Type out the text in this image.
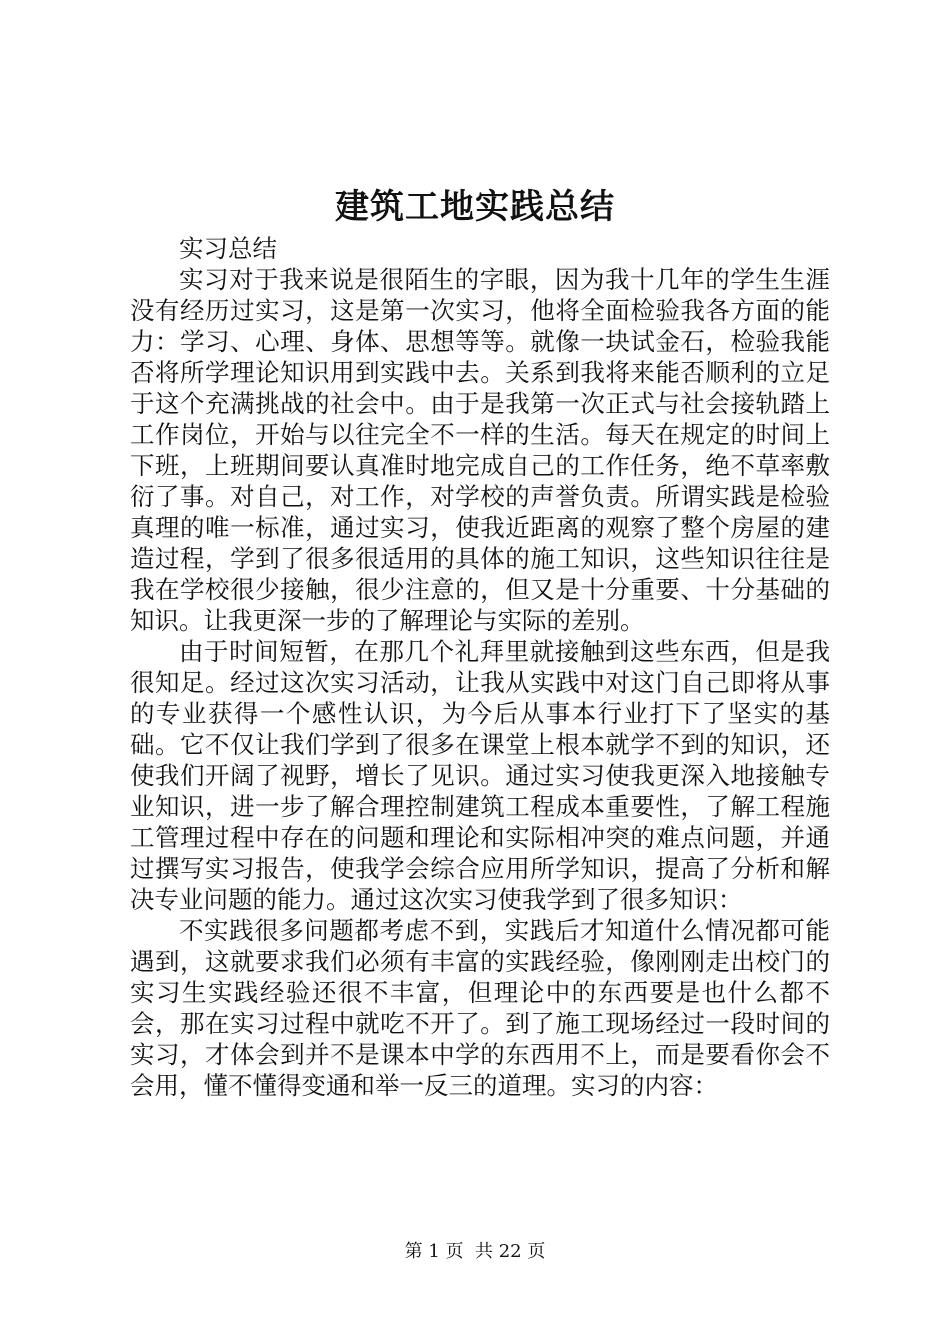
建筑工地实践总结

实习总结

实习对于我来说是很陌生的字眼，因为我十几年的学生生涯没有经历过实习，这是第一次实习，他将全面检验我各方面的能力：学习、心理、身体、思想等等。就像一块试金石，检验我能否将所学理论知识用到实践中去。关系到我将来能否顺利的立足于这个充满挑战的社会中。由于是我第一次正式与社会接轨踏上工作岗位，开始与以往完全不一样的生活。每天在规定的时间上下班，上班期间要认真准时地完成自己的工作任务，绝不草率敷衍了事。对自己，对工作，对学校的声誉负责。所谓实践是检验真理的唯一标准，通过实习，使我近距离的观察了整个房屋的建造过程，学到了很多很适用的具体的施工知识，这些知识往往是我在学校很少接触，很少注意的，但又是十分重要、十分基础的知识。让我更深一步的了解理论与实际的差别。

由于时间短暂，在那几个礼拜里就接触到这些东西，但是我很知足。经过这次实习活动，让我从实践中对这门自己即将从事的专业获得一个感性认识，为今后从事本行业打下了坚实的基础。它不仅让我们学到了很多在课堂上根本就学不到的知识，还使我们开阔了视野，增长了见识。通过实习使我更深入地接触专业知识，进一步了解合理控制建筑工程成本重要性，了解工程施工管理过程中存在的问题和理论和实际相冲突的难点问题，并通过撰写实习报告，使我学会综合应用所学知识，提高了分析和解决专业问题的能力。通过这次实习使我学到了很多知识：

不实践很多问题都考虑不到，实践后才知道什么情况都可能遇到，这就要求我们必须有丰富的实践经验，像刚刚走出校门的实习生实践经验还很不丰富，但理论中的东西要是也什么都不会，那在实习过程中就吃不开了。到了施工现场经过一段时间的实习，才体会到并不是课本中学的东西用不上，而是要看你会不会用，懂不懂得变通和举一反三的道理。实习的内容：

第 1 页 共 22 页
